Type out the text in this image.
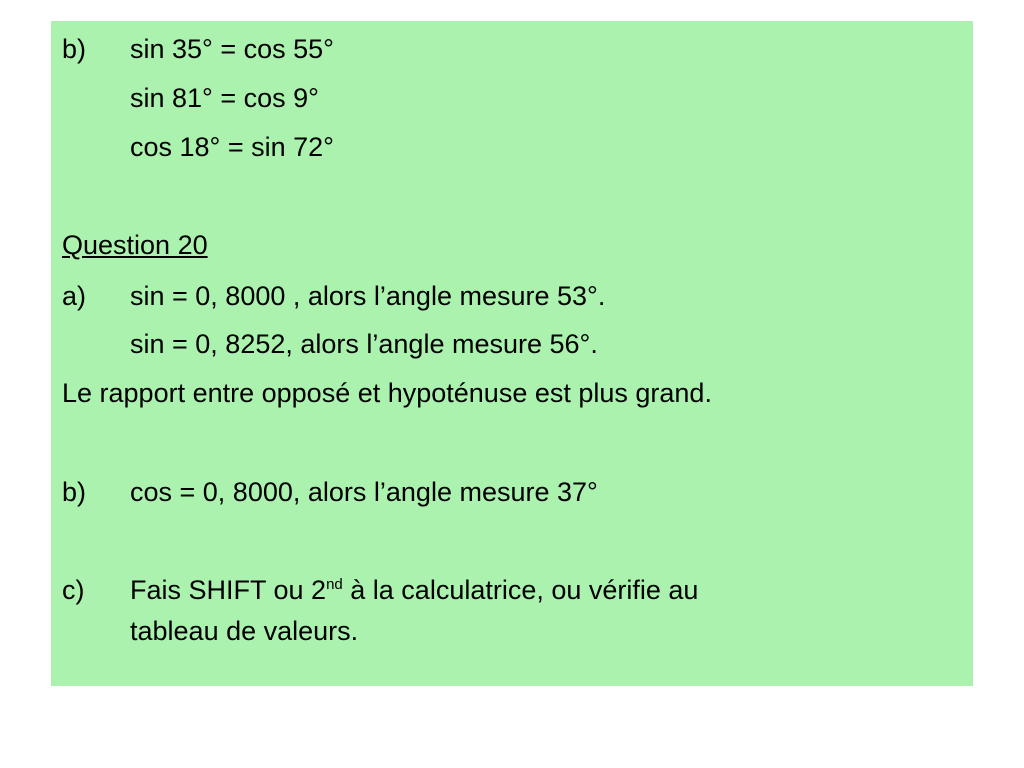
b) sin 35° = cos 55°
sin 81° = cos 9°
cos 18° = sin 72°
Question 20
a) sin = 0, 8000 , alors l’angle mesure 53°.
sin = 0, 8252, alors l’angle mesure 56°.
Le rapport entre opposé et hypoténuse est plus grand.
b) cos = 0, 8000, alors l’angle mesure 37°
c) Fais SHIFT ou 2nd à la calculatrice, ou vérifie au
tableau de valeurs.
